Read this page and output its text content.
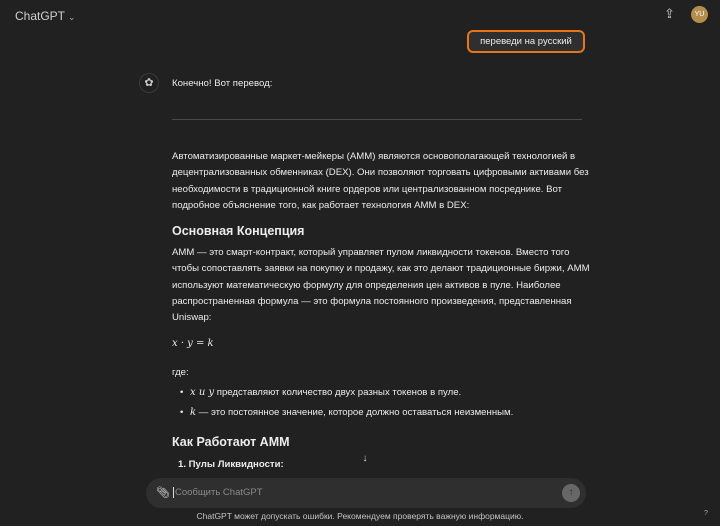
ChatGPT ⌄	⇪	YU
переведи на русский
✿	Конечно! Вот перевод:
Автоматизированные маркет-мейкеры (AMM) являются основополагающей технологией в
децентрализованных обменниках (DEX). Они позволяют торговать цифровыми активами без
необходимости в традиционной книге ордеров или централизованном посреднике. Вот
подробное объяснение того, как работает технология AMM в DEX:
Основная Концепция
AMM — это смарт-контракт, который управляет пулом ликвидности токенов. Вместо того
чтобы сопоставлять заявки на покупку и продажу, как это делают традиционные биржи, AMM
используют математическую формулу для определения цен активов в пуле. Наиболее
распространенная формула — это формула постоянного произведения, представленная
Uniswap:
x · y = k
где:
• x и y представляют количество двух разных токенов в пуле.
• k — это постоянное значение, которое должно оставаться неизменным.
Как Работают AMM
1. Пулы Ликвидности:
↓
📎︎ Сообщить ChatGPT	↑
ChatGPT может допускать ошибки. Рекомендуем проверять важную информацию.	?
